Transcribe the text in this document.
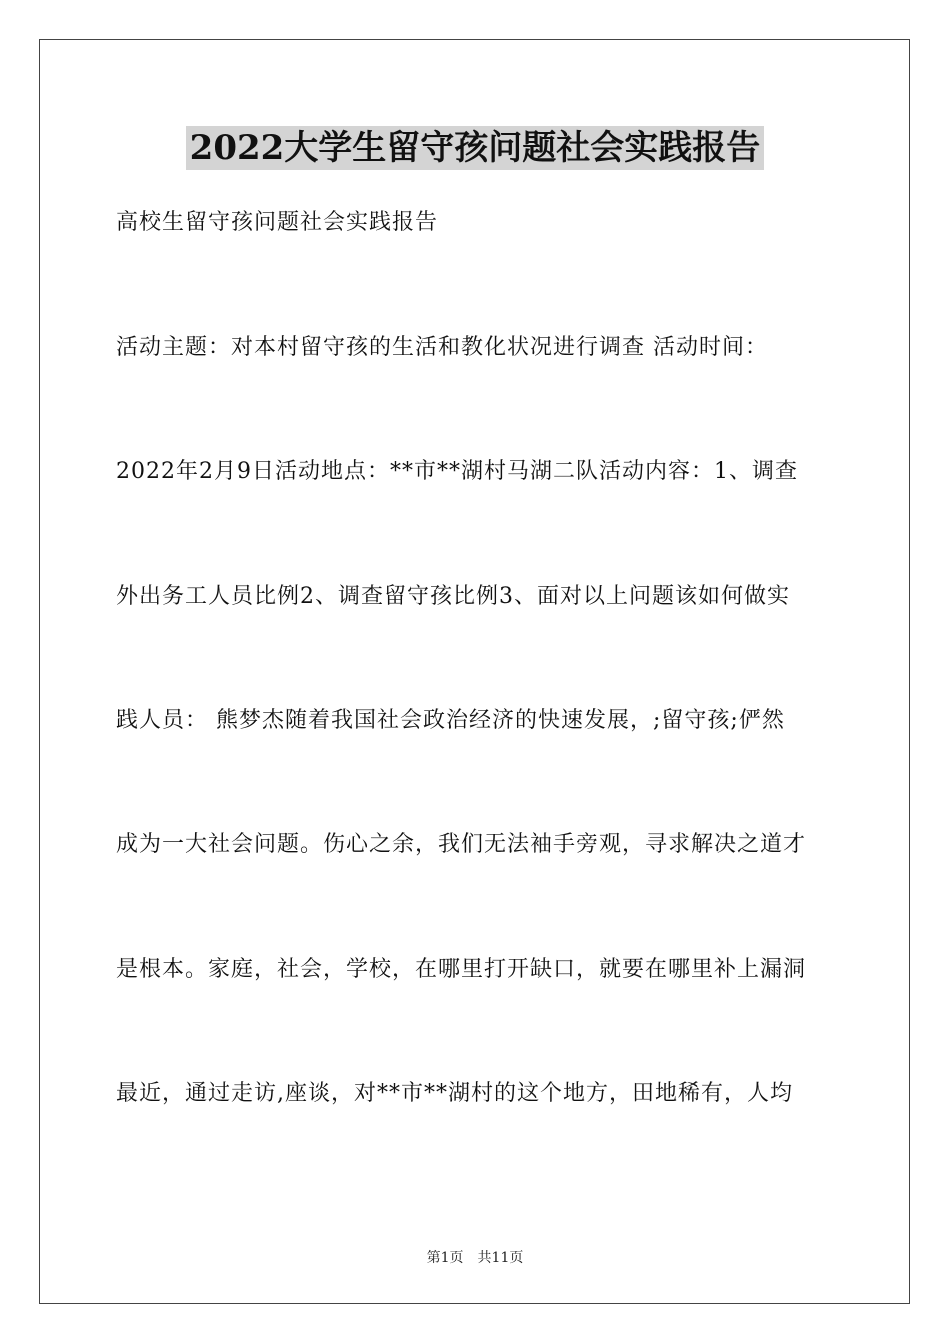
2022大学生留守孩问题社会实践报告
高校生留守孩问题社会实践报告
活动主题：对本村留守孩的生活和教化状况进行调查 活动时间：
2022年2月9日活动地点：**市**湖村马湖二队活动内容：1、调查
外出务工人员比例2、调查留守孩比例3、面对以上问题该如何做实
践人员： 熊梦杰随着我国社会政治经济的快速发展，;留守孩;俨然
成为一大社会问题。伤心之余，我们无法袖手旁观，寻求解决之道才
是根本。家庭，社会，学校，在哪里打开缺口，就要在哪里补上漏洞
最近，通过走访,座谈，对**市**湖村的这个地方，田地稀有，人均
第1页 共11页
